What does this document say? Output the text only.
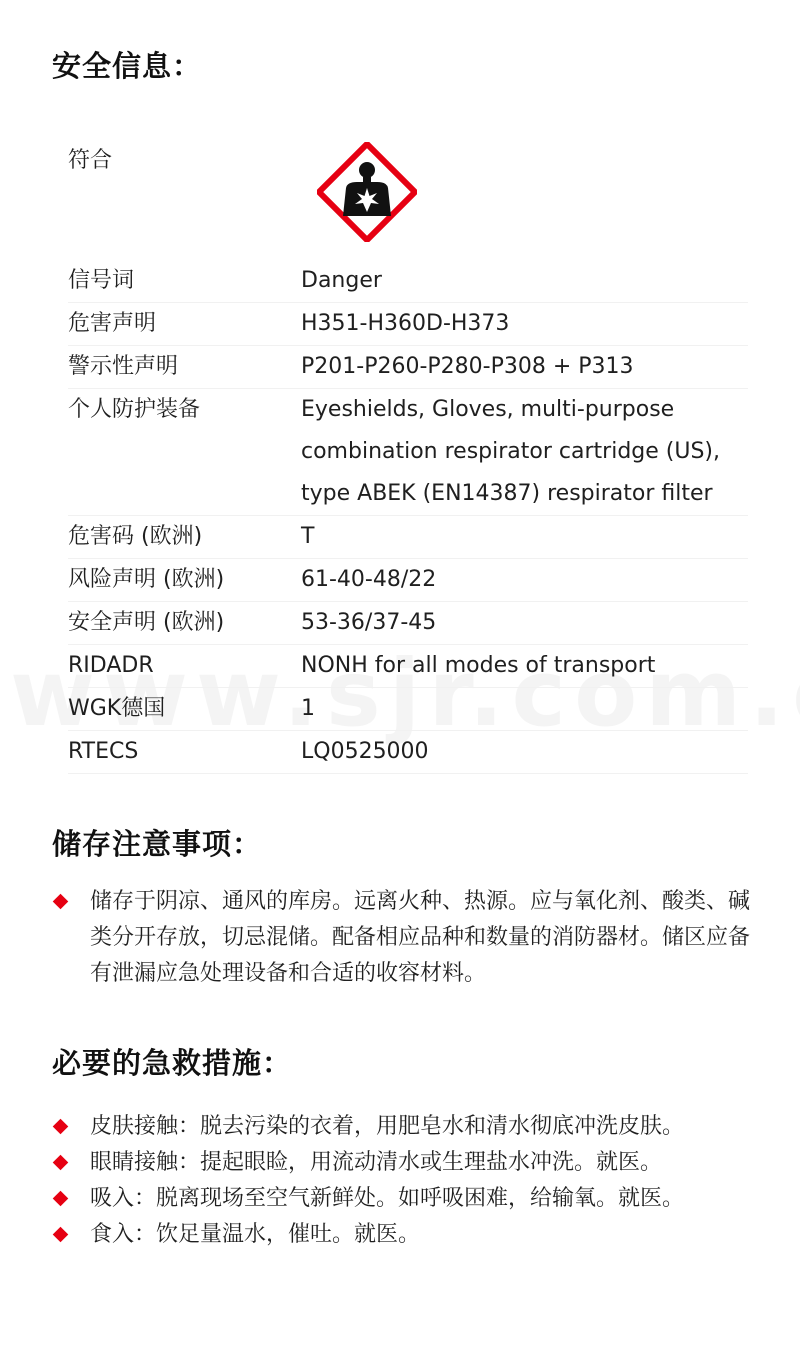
安全信息：
符合
信号词	Danger
危害声明	H351-H360D-H373
警示性声明	P201-P260-P280-P308 + P313
个人防护装备	Eyeshields, Gloves, multi-purpose combination respirator cartridge (US), type ABEK (EN14387) respirator filter
危害码 (欧洲)	T
风险声明 (欧洲)	61-40-48/22
安全声明 (欧洲)	53-36/37-45
RIDADR	NONH for all modes of transport
WGK德国	1
RTECS	LQ0525000
储存注意事项：
储存于阴凉、通风的库房。远离火种、热源。应与氧化剂、酸类、碱类分开存放，切忌混储。配备相应品种和数量的消防器材。储区应备有泄漏应急处理设备和合适的收容材料。
必要的急救措施：
皮肤接触：脱去污染的衣着，用肥皂水和清水彻底冲洗皮肤。
眼睛接触：提起眼睑，用流动清水或生理盐水冲洗。就医。
吸入：脱离现场至空气新鲜处。如呼吸困难，给输氧。就医。
食入：饮足量温水，催吐。就医。
